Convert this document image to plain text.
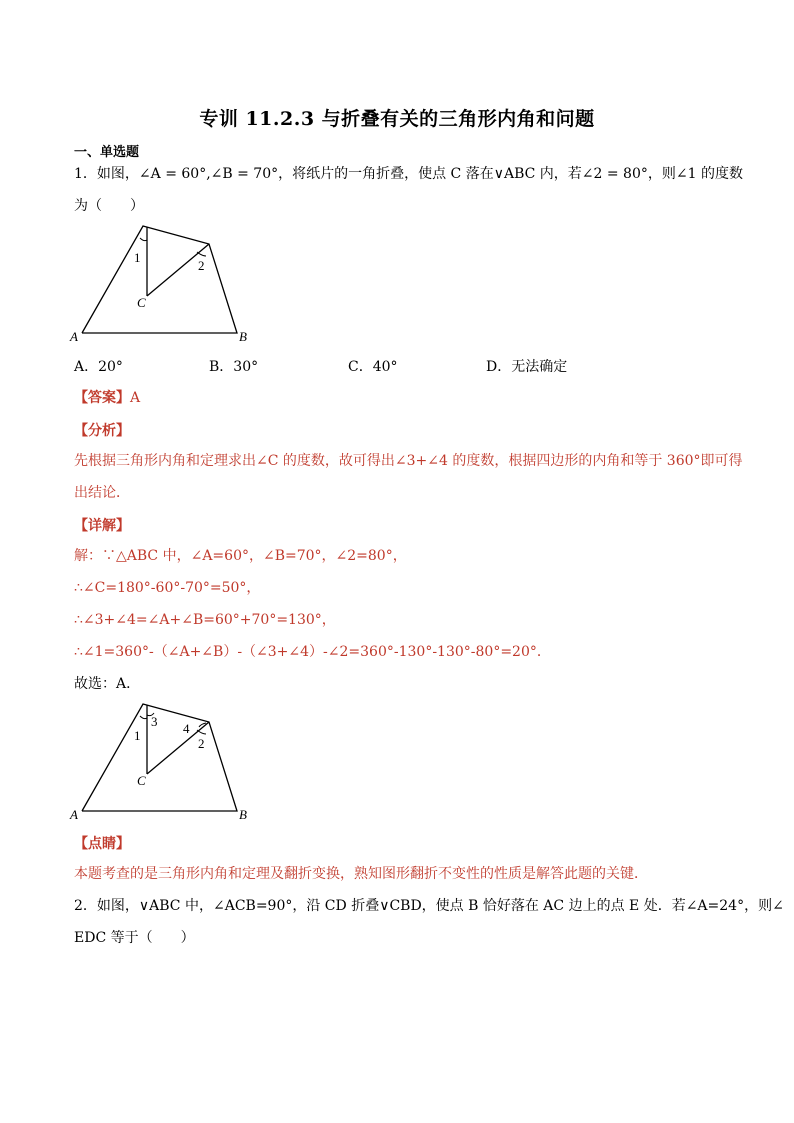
专训 11.2.3 与折叠有关的三角形内角和问题
一、单选题
1．如图，∠A = 60°,∠B = 70°，将纸片的一角折叠，使点 C 落在∨ABC 内，若∠2 = 80°，则∠1 的度数
为（　　）
1
2
C
A	B
A．20°	B．30°	C．40°	D．无法确定
【答案】A
【分析】
先根据三角形内角和定理求出∠C 的度数，故可得出∠3+∠4 的度数，根据四边形的内角和等于 360°即可得
出结论．
【详解】
解：∵△ABC 中，∠A=60°，∠B=70°，∠2=80°，
∴∠C=180°-60°-70°=50°，
∴∠3+∠4=∠A+∠B=60°+70°=130°，
∴∠1=360°-（∠A+∠B）-（∠3+∠4）-∠2=360°-130°-130°-80°=20°．
故选：A．
1
3 4
2
C
A	B
【点睛】
本题考查的是三角形内角和定理及翻折变换，熟知图形翻折不变性的性质是解答此题的关键．
2．如图，∨ABC 中，∠ACB=90°，沿 CD 折叠∨CBD，使点 B 恰好落在 AC 边上的点 E 处．若∠A=24°，则∠
EDC 等于（　　）
